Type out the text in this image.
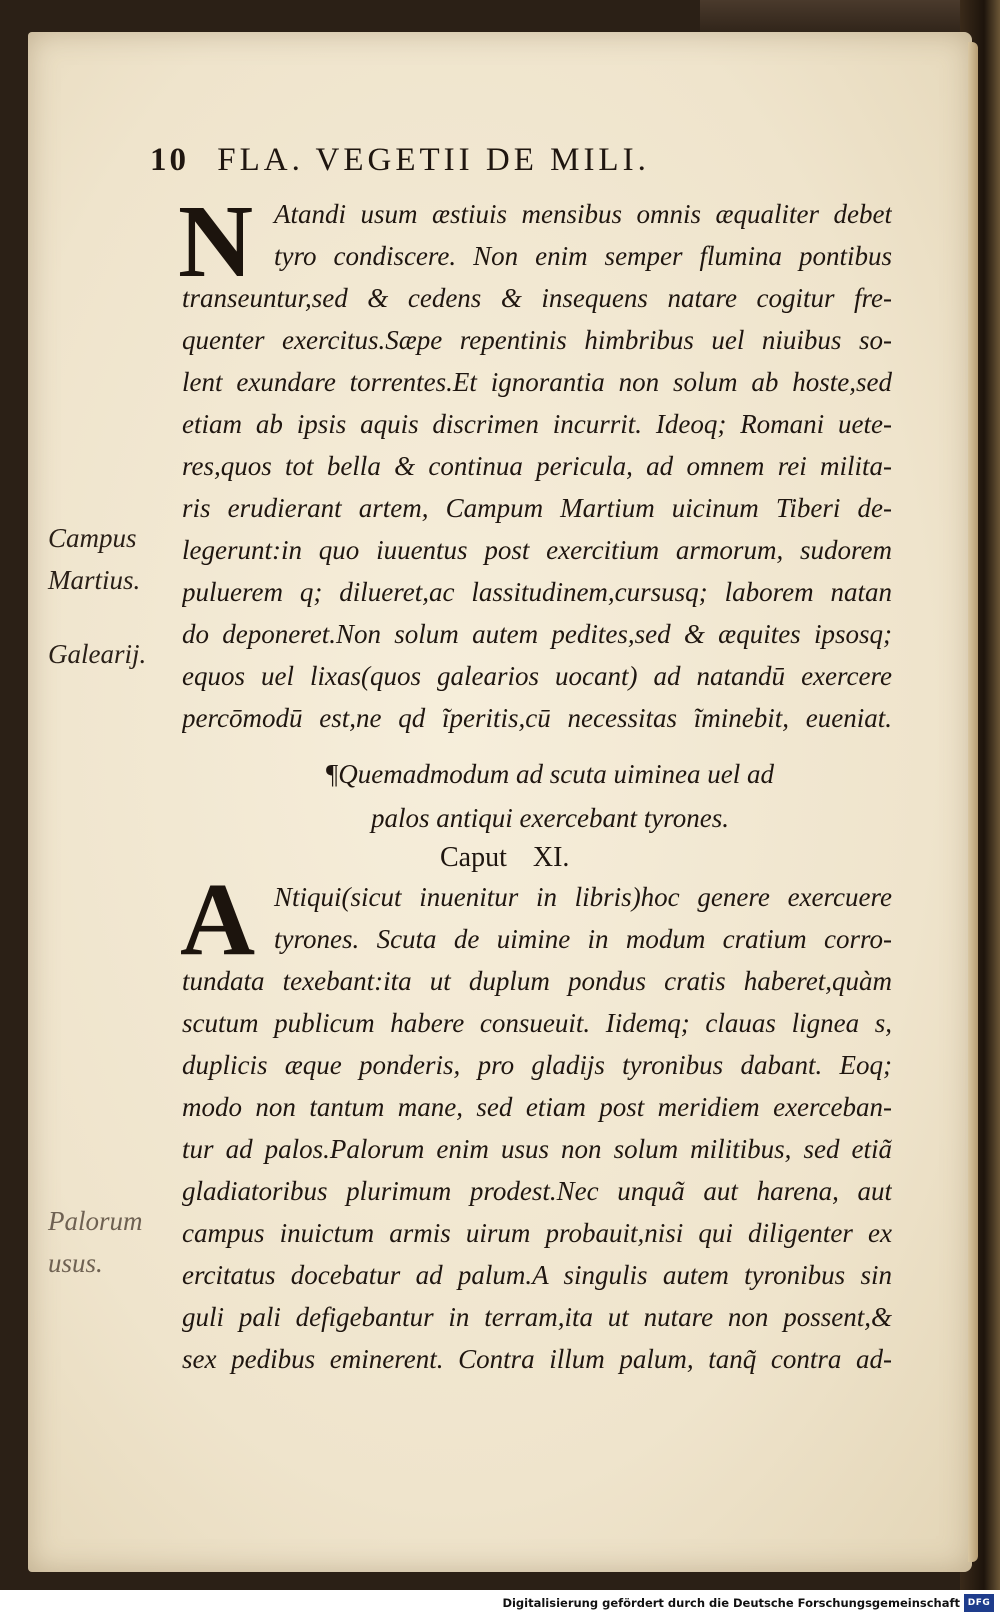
10 FLA. VEGETII DE MILI.
N Atandi usum æstiuis mensibus omnis æqualiter debet
tyro condiscere. Non enim semper flumina pontibus
transeuntur,sed & cedens & insequens natare cogitur fre-
quenter exercitus.Sæpe repentinis himbribus uel niuibus so-
lent exundare torrentes.Et ignorantia non solum ab hoste,sed
etiam ab ipsis aquis discrimen incurrit. Ideoq; Romani uete-
res,quos tot bella & continua pericula, ad omnem rei milita-
ris erudierant artem, Campum Martium uicinum Tiberi de-
legerunt:in quo iuuentus post exercitium armorum, sudorem
puluerem q; dilueret,ac lassitudinem,cursusq; laborem natan
do deponeret.Non solum autem pedites,sed & æquites ipsosq;
equos uel lixas(quos galearios uocant) ad natandū exercere
percōmodū est,ne qd ĩperitis,cū necessitas ĩminebit, eueniat.
¶Quemadmodum ad scuta uiminea uel ad
palos antiqui exercebant tyrones.
Caput XI.
A Ntiqui(sicut inuenitur in libris)hoc genere exercuere
tyrones. Scuta de uimine in modum cratium corro-
tundata texebant:ita ut duplum pondus cratis haberet,quàm
scutum publicum habere consueuit. Iidemq; clauas lignea s,
duplicis æque ponderis, pro gladijs tyronibus dabant. Eoq;
modo non tantum mane, sed etiam post meridiem exerceban-
tur ad palos.Palorum enim usus non solum militibus, sed etiã
gladiatoribus plurimum prodest.Nec unquã aut harena, aut
campus inuictum armis uirum probauit,nisi qui diligenter ex
ercitatus docebatur ad palum.A singulis autem tyronibus sin
guli pali defigebantur in terram,ita ut nutare non possent,&
sex pedibus eminerent. Contra illum palum, tanq̃ contra ad-
Campus
Martius.
Galearij.
Palorum
usus.
Digitalisierung gefördert durch die Deutsche Forschungsgemeinschaft DFG
